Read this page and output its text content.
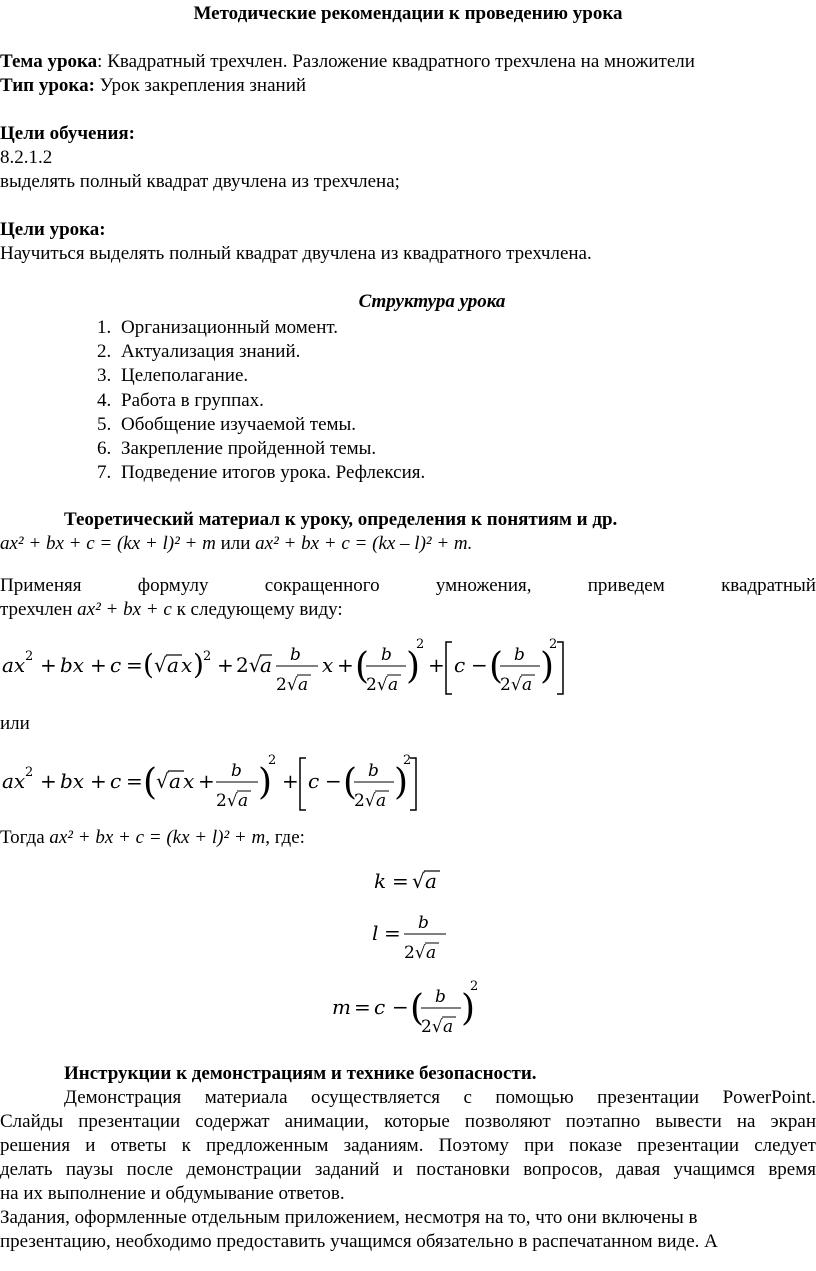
Методические рекомендации к проведению урока
Тема урока: Квадратный трехчлен. Разложение квадратного трехчлена на множители
Тип урока: Урок закрепления знаний
Цели обучения:
8.2.1.2
выделять полный квадрат двучлена из трехчлена;
Цели урока:
Научиться выделять полный квадрат двучлена из квадратного трехчлена.
Структура урока
1. Организационный момент.
2. Актуализация знаний.
3. Целеполагание.
4. Работа в группах.
5. Обобщение изучаемой темы.
6. Закрепление пройденной темы.
7. Подведение итогов урока. Рефлексия.
Теоретический материал к уроку, определения к понятиям и др.
ax² + bx + c = (kx + l)² + m или ax² + bx + c = (kx – l)² + m.
Применяя	формулу	сокращенного	умножения,	приведем	квадратный
трехчлен ax² + bx + c к следующему виду:
ax 2 + bx + c = ( √ a x ) 2 + 2√
a b
2√ a
x + ( b
2√ a )
2
+ c − ( b
2√ a )
2
или
ax 2 + bx + c = (
√ a x + b
2√ a )
2
+ c − ( b
2√ a )
2
Тогда ax² + bx + c = (kx + l)² + m, где:
k = √ a
l = b
2√ a
m = c − ( b
2√ a )
2
Инструкции к демонстрациям и технике безопасности.
Демонстрация материала осуществляется с помощью презентации PowerPoint.
Слайды презентации содержат анимации, которые позволяют поэтапно вывести на экран
решения и ответы к предложенным заданиям. Поэтому при показе презентации следует
делать паузы после демонстрации заданий и постановки вопросов, давая учащимся время
на их выполнение и обдумывание ответов.
Задания, оформленные отдельным приложением, несмотря на то, что они включены в
презентацию, необходимо предоставить учащимся обязательно в распечатанном виде. А
